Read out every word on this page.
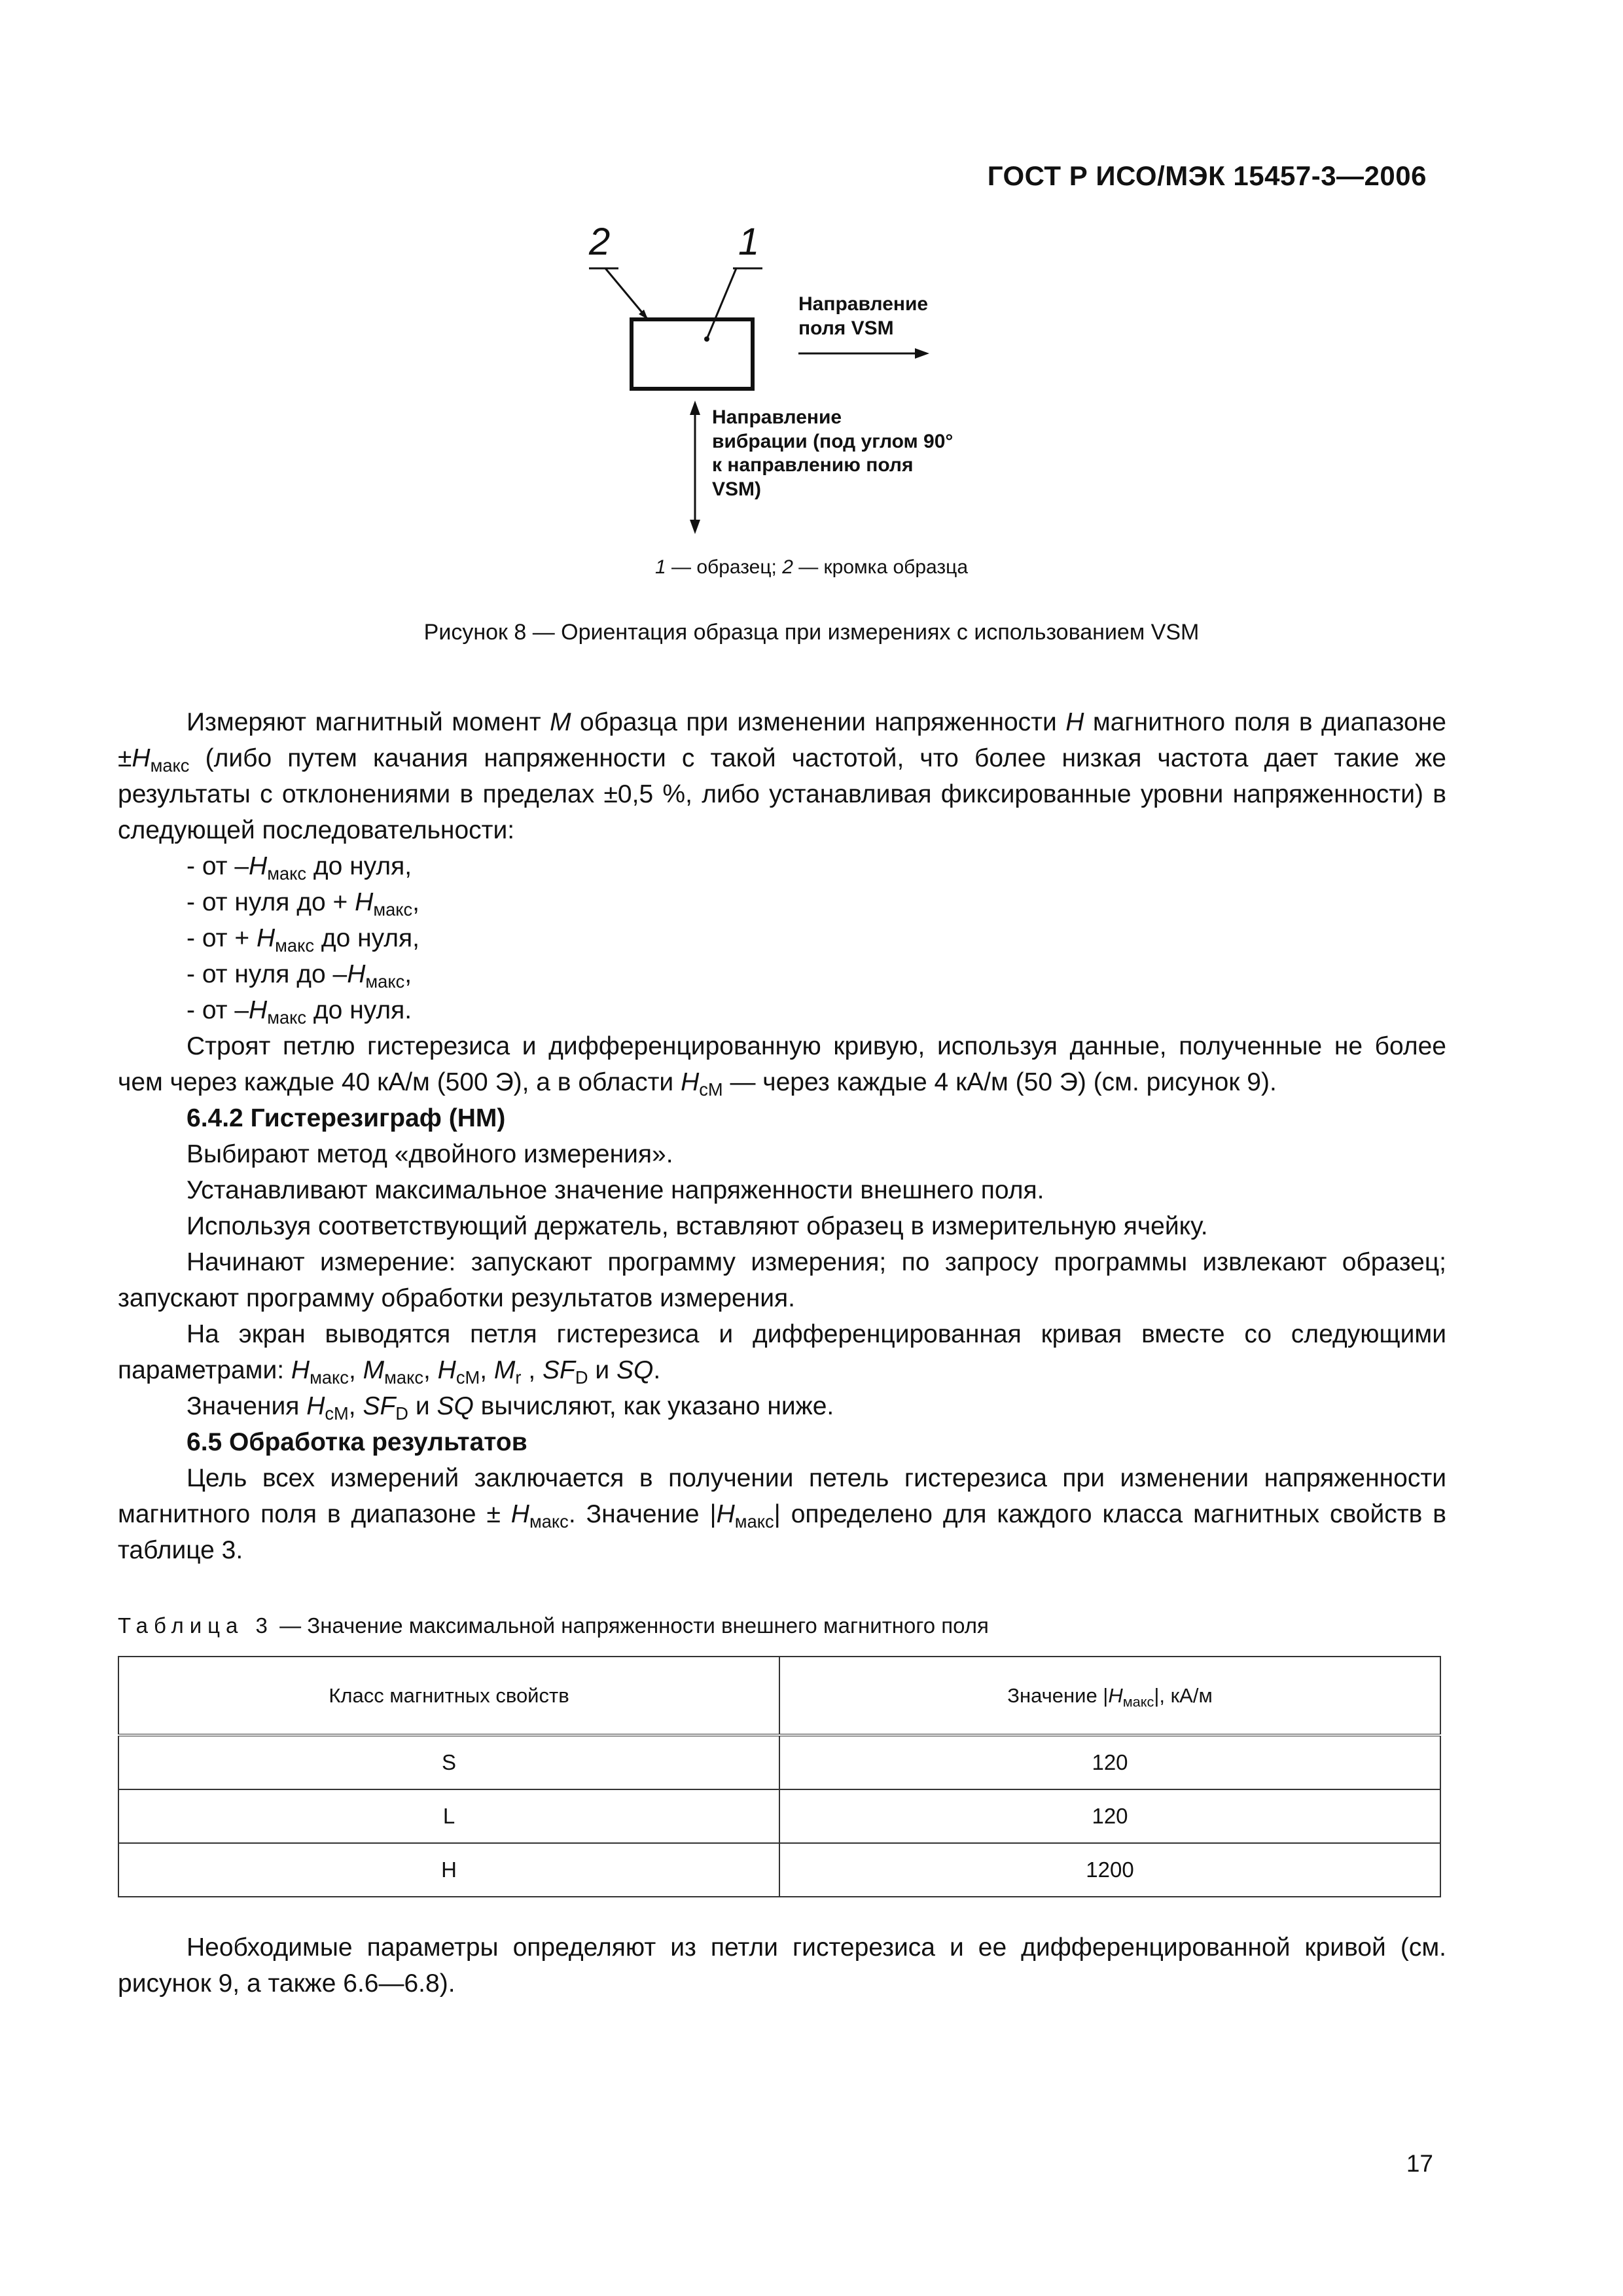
ГОСТ Р ИСО/МЭК 15457-3—2006
2	1
Направление
поля VSM
Направление
вибрации (под углом 90°
к направлению поля
VSM)
1 — образец; 2 — кромка образца
Рисунок 8 — Ориентация образца при измерениях с использованием VSM

Измеряют магнитный момент M образца при изменении напряженности H магнитного поля в диапазоне $\pm H_{макс}$ (либо путем качания напряженности с такой частотой, что более низкая частота дает такие же результаты с отклонениями в пределах ±0,5 %, либо устанавливая фиксированные уровни напряженности) в следующей последовательности:

- от $-H_{макс}$ до нуля,

- от нуля до + $H_{макс}$,

- от + $H_{макс}$ до нуля,

- от нуля до $-H_{макс}$,

- от $-H_{макс}$ до нуля.

Строят петлю гистерезиса и дифференцированную кривую, используя данные, полученные не более чем через каждые 40 кА/м (500 Э), а в области $H_{cM}$ — через каждые 4 кА/м (50 Э) (см. рисунок 9).

6.4.2 Гистерезиграф (HM)

Выбирают метод «двойного измерения».

Устанавливают максимальное значение напряженности внешнего поля.

Используя соответствующий держатель, вставляют образец в измерительную ячейку.

Начинают измерение: запускают программу измерения; по запросу программы извлекают образец; запускают программу обработки результатов измерения.

На экран выводятся петля гистерезиса и дифференцированная кривая вместе со следующими параметрами: $H_{макс}$, $M_{макс}$, $H_{cM}$, $M_r$ , $SF_D$ и SQ.

Значения $H_{cM}$, $SF_D$ и SQ вычисляют, как указано ниже.

6.5 Обработка результатов

Цель всех измерений заключается в получении петель гистерезиса при изменении напряженности магнитного поля в диапазоне ± $H_{макс}$. Значение $|H_{макс}|$ определено для каждого класса магнитных свойств в таблице 3.

Таблица 3 — Значение максимальной напряженности внешнего магнитного поля
Класс магнитных свойств	Значение $|H_{макс}|$, кА/м
S	120
L	120
H	1200

Необходимые параметры определяют из петли гистерезиса и ее дифференцированной кривой (см. рисунок 9, а также 6.6—6.8).

17
